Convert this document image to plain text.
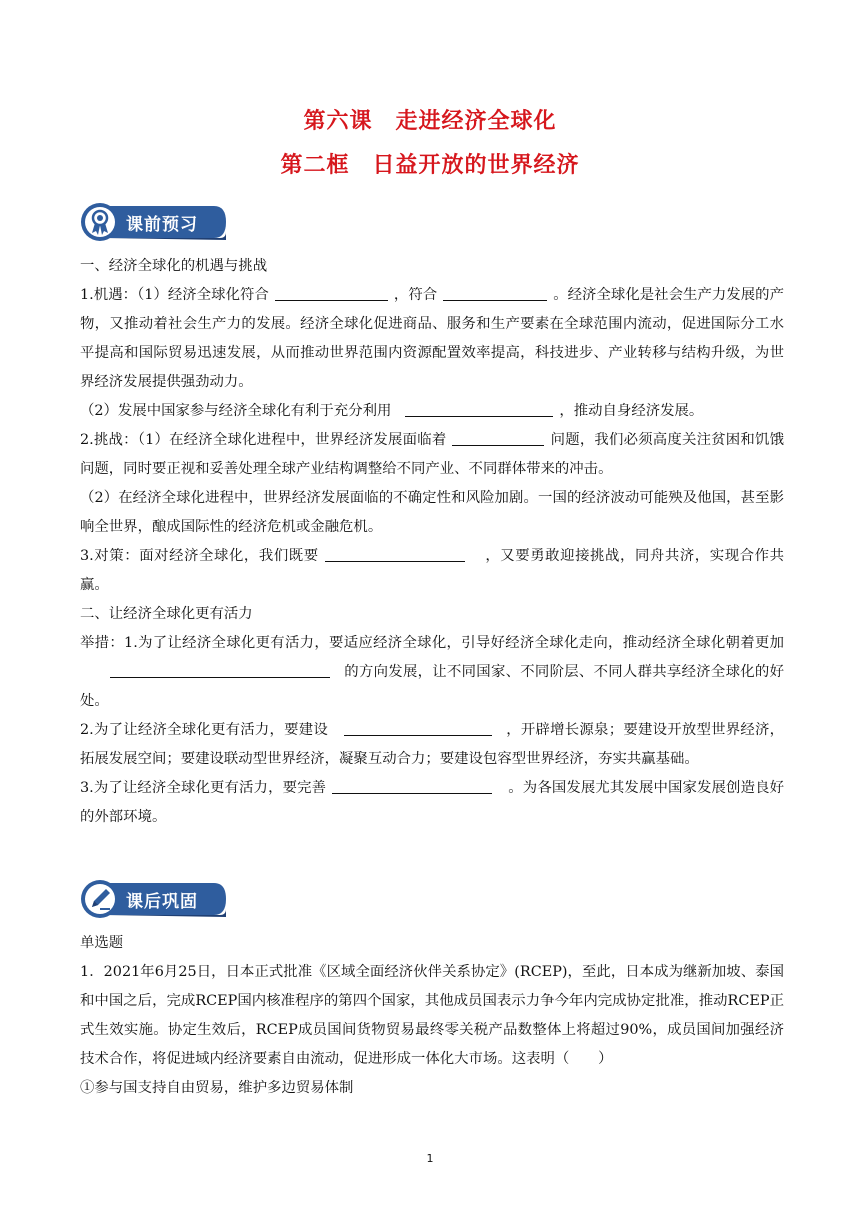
第六课　走进经济全球化
第二框　日益开放的世界经济
课前预习

一、经济全球化的机遇与挑战

1.机遇：（1）经济全球化符合	，符合	。经济全球化是社会生产力发展的产物，又推动着社会生产力的发展。经济全球化促进商品、服务和生产要素在全球范围内流动，促进国际分工水平提高和国际贸易迅速发展，从而推动世界范围内资源配置效率提高，科技进步、产业转移与结构升级，为世界经济发展提供强劲动力。

（2）发展中国家参与经济全球化有利于充分利用	，推动自身经济发展。

2.挑战：（1）在经济全球化进程中，世界经济发展面临着	问题，我们必须高度关注贫困和饥饿问题，同时要正视和妥善处理全球产业结构调整给不同产业、不同群体带来的冲击。

（2）在经济全球化进程中，世界经济发展面临的不确定性和风险加剧。一国的经济波动可能殃及他国，甚至影响全世界，酿成国际性的经济危机或金融危机。

3.对策：面对经济全球化，我们既要	，又要勇敢迎接挑战，同舟共济，实现合作共赢。

二、让经济全球化更有活力

举措：1.为了让经济全球化更有活力，要适应经济全球化，引导好经济全球化走向，推动经济全球化朝着更加的方向发展，让不同国家、不同阶层、不同人群共享经济全球化的好处。

2.为了让经济全球化更有活力，要建设	，开辟增长源泉；要建设开放型世界经济，拓展发展空间；要建设联动型世界经济，凝聚互动合力；要建设包容型世界经济，夯实共赢基础。

3.为了让经济全球化更有活力，要完善	。为各国发展尤其发展中国家发展创造良好的外部环境。

课后巩固

单选题

1．2021年6月25日，日本正式批准《区域全面经济伙伴关系协定》(RCEP)，至此，日本成为继新加坡、泰国和中国之后，完成RCEP国内核准程序的第四个国家，其他成员国表示力争今年内完成协定批准，推动RCEP正式生效实施。协定生效后，RCEP成员国间货物贸易最终零关税产品数整体上将超过90%，成员国间加强经济技术合作，将促进域内经济要素自由流动，促进形成一体化大市场。这表明（　　）

①参与国支持自由贸易，维护多边贸易体制

1
